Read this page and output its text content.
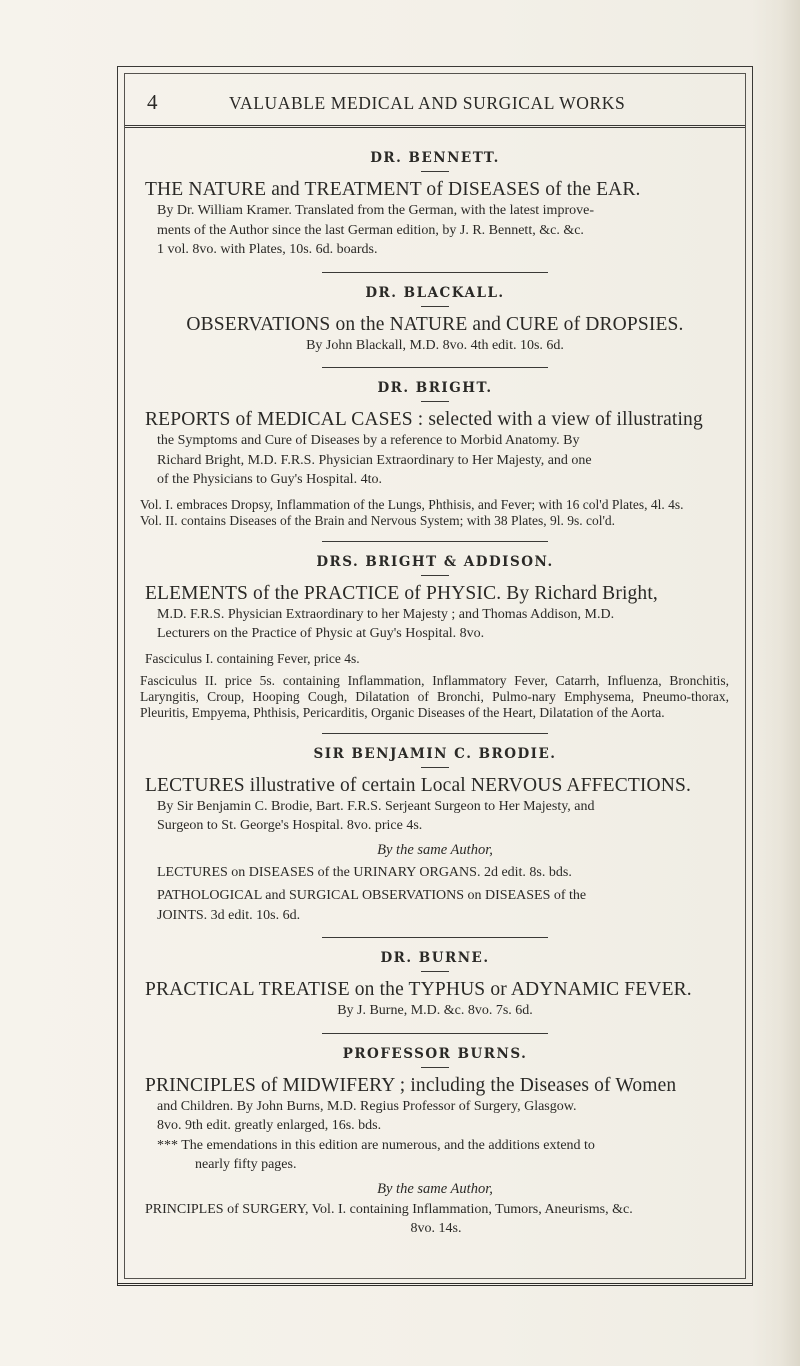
4	VALUABLE MEDICAL AND SURGICAL WORKS
DR. BENNETT.
THE NATURE and TREATMENT of DISEASES of the EAR.
By Dr. William Kramer. Translated from the German, with the latest improve-
ments of the Author since the last German edition, by J. R. Bennett, &c. &c.
1 vol. 8vo. with Plates, 10s. 6d. boards.
DR. BLACKALL.
OBSERVATIONS on the NATURE and CURE of DROPSIES.
By John Blackall, M.D. 8vo. 4th edit. 10s. 6d.
DR. BRIGHT.
REPORTS of MEDICAL CASES : selected with a view of illustrating
the Symptoms and Cure of Diseases by a reference to Morbid Anatomy. By
Richard Bright, M.D. F.R.S. Physician Extraordinary to Her Majesty, and one
of the Physicians to Guy's Hospital. 4to.
Vol. I. embraces Dropsy, Inflammation of the Lungs, Phthisis, and Fever; with 16 col'd Plates, 4l. 4s.
Vol. II. contains Diseases of the Brain and Nervous System; with 38 Plates, 9l. 9s. col'd.
DRS. BRIGHT & ADDISON.
ELEMENTS of the PRACTICE of PHYSIC. By Richard Bright,
M.D. F.R.S. Physician Extraordinary to her Majesty ; and Thomas Addison, M.D.
Lecturers on the Practice of Physic at Guy's Hospital. 8vo.
Fasciculus I. containing Fever, price 4s.
Fasciculus II. price 5s. containing Inflammation, Inflammatory Fever, Catarrh, Influenza, Bronchitis, Laryngitis, Croup, Hooping Cough, Dilatation of Bronchi, Pulmo-nary Emphysema, Pneumo-thorax, Pleuritis, Empyema, Phthisis, Pericarditis, Organic Diseases of the Heart, Dilatation of the Aorta.
SIR BENJAMIN C. BRODIE.
LECTURES illustrative of certain Local NERVOUS AFFECTIONS.
By Sir Benjamin C. Brodie, Bart. F.R.S. Serjeant Surgeon to Her Majesty, and
Surgeon to St. George's Hospital. 8vo. price 4s.
By the same Author,
LECTURES on DISEASES of the URINARY ORGANS. 2d edit. 8s. bds.
PATHOLOGICAL and SURGICAL OBSERVATIONS on DISEASES of the
JOINTS. 3d edit. 10s. 6d.
DR. BURNE.
PRACTICAL TREATISE on the TYPHUS or ADYNAMIC FEVER.
By J. Burne, M.D. &c. 8vo. 7s. 6d.
PROFESSOR BURNS.
PRINCIPLES of MIDWIFERY ; including the Diseases of Women
and Children. By John Burns, M.D. Regius Professor of Surgery, Glasgow.
8vo. 9th edit. greatly enlarged, 16s. bds.
*** The emendations in this edition are numerous, and the additions extend to
nearly fifty pages.
By the same Author,
PRINCIPLES of SURGERY, Vol. I. containing Inflammation, Tumors, Aneurisms, &c.
8vo. 14s.
